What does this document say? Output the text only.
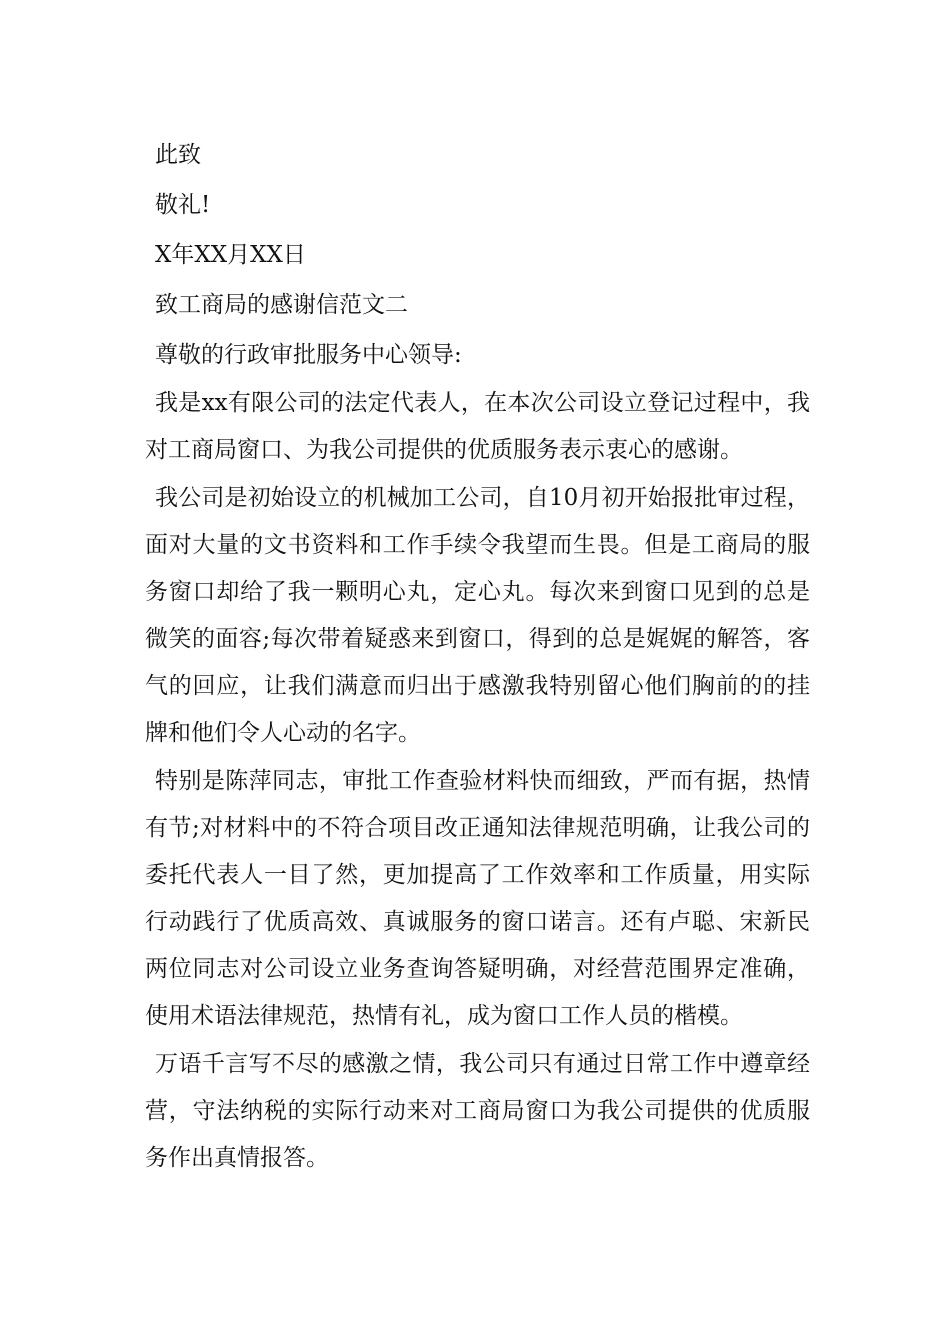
此致

敬礼!

X年XX月XX日

致工商局的感谢信范文二

尊敬的行政审批服务中心领导:

我是xx有限公司的法定代表人，在本次公司设立登记过程中，我对工商局窗口、为我公司提供的优质服务表示衷心的感谢。

我公司是初始设立的机械加工公司，自10月初开始报批审过程，面对大量的文书资料和工作手续令我望而生畏。但是工商局的服务窗口却给了我一颗明心丸，定心丸。每次来到窗口见到的总是微笑的面容;每次带着疑惑来到窗口，得到的总是娓娓的解答，客气的回应，让我们满意而归出于感激我特别留心他们胸前的的挂牌和他们令人心动的名字。

特别是陈萍同志，审批工作查验材料快而细致，严而有据，热情有节;对材料中的不符合项目改正通知法律规范明确，让我公司的委托代表人一目了然，更加提高了工作效率和工作质量，用实际行动践行了优质高效、真诚服务的窗口诺言。还有卢聪、宋新民两位同志对公司设立业务查询答疑明确，对经营范围界定准确，使用术语法律规范，热情有礼，成为窗口工作人员的楷模。

万语千言写不尽的感激之情，我公司只有通过日常工作中遵章经营，守法纳税的实际行动来对工商局窗口为我公司提供的优质服务作出真情报答。
